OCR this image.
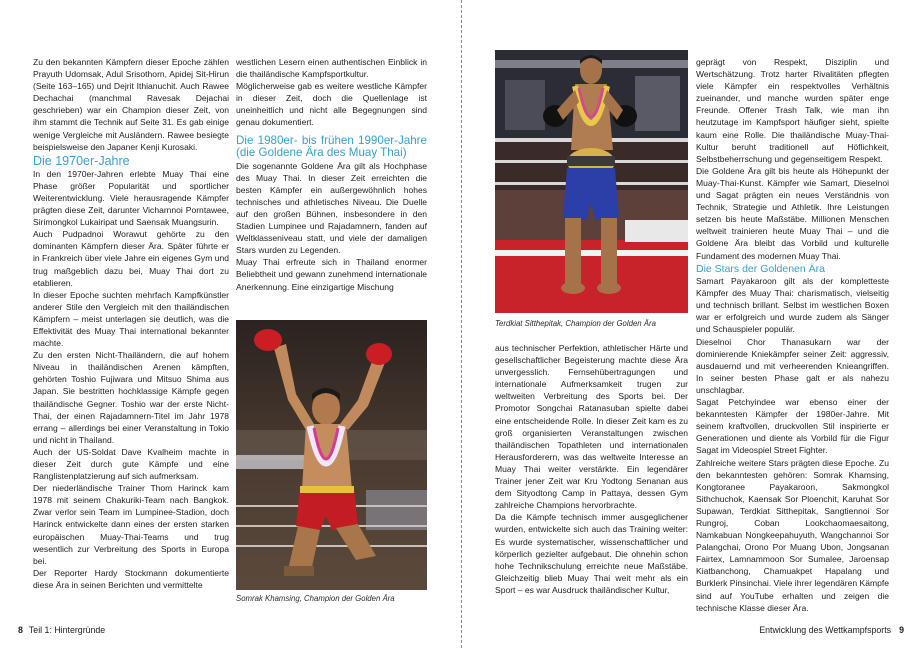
Zu den bekannten Kämpfern dieser Epoche zählen Prayuth Udomsak, Adul Srisothorn, Apidej Sit-Hirun (Seite 163–165) und Dejrit Ithianuchit. Auch Rawee Dechachai (manchmal Ravesak Dejachai geschrieben) war ein Champion dieser Zeit, von ihm stammt die Technik auf Seite 31. Es gab einige wenige Vergleiche mit Ausländern. Rawee besiegte beispielsweise den Japaner Kenji Kurosaki.

Die 1970er-Jahre

In den 1970er-Jahren erlebte Muay Thai eine Phase größer Popularität und sportlicher Weiterentwicklung. Viele herausragende Kämpfer prägten diese Zeit, darunter Vicharnnoi Porntawee, Sirimongkol Lukairipat und Saensak Muangsurin.

Auch Pudpadnoi Worawut gehörte zu den dominanten Kämpfern dieser Ära. Später führte er in Frankreich über viele Jahre ein eigenes Gym und trug maßgeblich dazu bei, Muay Thai dort zu etablieren.

In dieser Epoche suchten mehrfach Kampfkünstler anderer Stile den Vergleich mit den thailändischen Kämpfern – meist unterlagen sie deutlich, was die Effektivität des Muay Thai international bekannter machte.

Zu den ersten Nicht-Thailändern, die auf hohem Niveau in thailändischen Arenen kämpften, gehörten Toshio Fujiwara und Mitsuo Shima aus Japan. Sie bestritten hochklassige Kämpfe gegen thailändische Gegner. Toshio war der erste Nicht-Thai, der einen Rajadamnern-Titel im Jahr 1978 errang – allerdings bei einer Veranstaltung in Tokio und nicht in Thailand.

Auch der US-Soldat Dave Kvalheim machte in dieser Zeit durch gute Kämpfe und eine Ranglistenplatzierung auf sich aufmerksam.

Der niederländische Trainer Thom Harinck kam 1978 mit seinem Chakuriki-Team nach Bangkok. Zwar verlor sein Team im Lumpinee-Stadion, doch Harinck entwickelte dann eines der ersten starken europäischen Muay-Thai-Teams und trug wesentlich zur Verbreitung des Sports in Europa bei.

Der Reporter Hardy Stockmann dokumentierte diese Ära in seinen Berichten und vermittelte

westlichen Lesern einen authentischen Einblick in die thailändische Kampfsportkultur.

Möglicherweise gab es weitere westliche Kämpfer in dieser Zeit, doch die Quellenlage ist uneinheitlich und nicht alle Begegnungen sind genau dokumentiert.

Die 1980er- bis frühen 1990er-Jahre (die Goldene Ära des Muay Thai)

Die sogenannte Goldene Ära gilt als Hochphase des Muay Thai. In dieser Zeit erreichten die besten Kämpfer ein außergewöhnlich hohes technisches und athletisches Niveau. Die Duelle auf den großen Bühnen, insbesondere in den Stadien Lumpinee und Rajadamnern, fanden auf Weltklasseniveau statt, und viele der damaligen Stars wurden zu Legenden.

Muay Thai erfreute sich in Thailand enormer Beliebtheit und gewann zunehmend internationale Anerkennung. Eine einzigartige Mischung

Somrak Khamsing, Champion der Golden Ära
8 Teil 1: Hintergründe
Terdkiat Sitthepitak, Champion der Golden Ära

aus technischer Perfektion, athletischer Härte und gesellschaftlicher Begeisterung machte diese Ära unvergesslich. Fernsehübertragungen und internationale Aufmerksamkeit trugen zur weltweiten Verbreitung des Sports bei. Der Promotor Songchai Ratanasuban spielte dabei eine entscheidende Rolle. In dieser Zeit kam es zu groß organisierten Veranstaltungen zwischen thailändischen Topathleten und internationalen Herausforderern, was das weltweite Interesse an Muay Thai weiter verstärkte. Ein legendärer Trainer jener Zeit war Kru Yodtong Senanan aus dem Sityodtong Camp in Pattaya, dessen Gym zahlreiche Champions hervorbrachte.

Da die Kämpfe technisch immer ausgeglichener wurden, entwickelte sich auch das Training weiter: Es wurde systematischer, wissenschaftlicher und körperlich gezielter aufgebaut. Die ohnehin schon hohe Technikschulung erreichte neue Maßstäbe. Gleichzeitig blieb Muay Thai weit mehr als ein Sport – es war Ausdruck thailändischer Kultur,

geprägt von Respekt, Disziplin und Wertschätzung. Trotz harter Rivalitäten pflegten viele Kämpfer ein respektvolles Verhältnis zueinander, und manche wurden später enge Freunde. Offener Trash Talk, wie man ihn heutzutage im Kampfsport häufiger sieht, spielte kaum eine Rolle. Die thailändische Muay-Thai-Kultur beruht traditionell auf Höflichkeit, Selbstbeherrschung und gegenseitigem Respekt.

Die Goldene Ära gilt bis heute als Höhepunkt der Muay-Thai-Kunst. Kämpfer wie Samart, Dieselnoi und Sagat prägten ein neues Verständnis von Technik, Strategie und Athletik. Ihre Leistungen setzen bis heute Maßstäbe. Millionen Menschen weltweit trainieren heute Muay Thai – und die Goldene Ära bleibt das Vorbild und kulturelle Fundament des modernen Muay Thai.

Die Stars der Goldenen Ära

Samart Payakaroon gilt als der kompletteste Kämpfer des Muay Thai: charismatisch, vielseitig und technisch brillant. Selbst im westlichen Boxen war er erfolgreich und wurde zudem als Sänger und Schauspieler populär.

Dieselnoi Chor Thanasukarn war der dominierende Kniekämpfer seiner Zeit: aggressiv, ausdauernd und mit verheerenden Knieangriffen. In seiner besten Phase galt er als nahezu unschlagbar.

Sagat Petchyindee war ebenso einer der bekanntesten Kämpfer der 1980er-Jahre. Mit seinem kraftvollen, druckvollen Stil inspirierte er Generationen und diente als Vorbild für die Figur Sagat im Videospiel Street Fighter.

Zahlreiche weitere Stars prägten diese Epoche. Zu den bekanntesten gehören: Somrak Khamsing, Kongtoranee Payakaroon, Sakmongkol Sithchuchok, Kaensak Sor Ploenchit, Karuhat Sor Supawan, Terdkiat Sitthepitak, Sangtiennoi Sor Rungroj, Coban Lookchaomaesaitong, Namkabuan Nongkeepahuyuth, Wangchannoi Sor Palangchai, Orono Por Muang Ubon, Jongsanan Fairtex, Lamnammoon Sor Sumalee, Jaroensap Kiatbanchong, Chamuakpet Hapalang und Burklerk Pinsinchai. Viele ihrer legendären Kämpfe sind auf YouTube erhalten und zeigen die technische Klasse dieser Ära.

Entwicklung des Wettkampfsports 9
